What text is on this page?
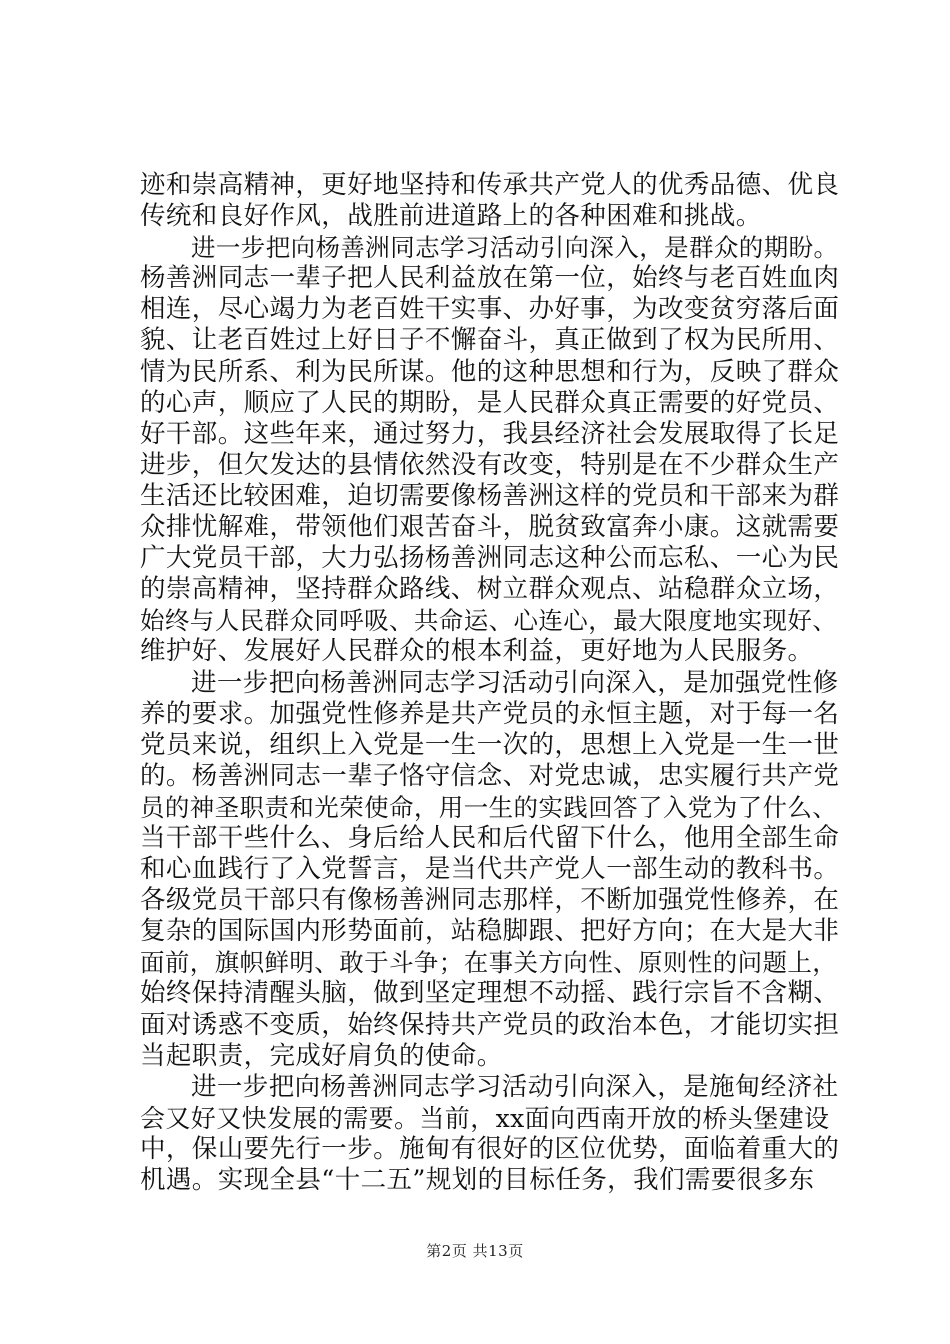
迹和崇高精神，更好地坚持和传承共产党人的优秀品德、优良
传统和良好作风，战胜前进道路上的各种困难和挑战。
进一步把向杨善洲同志学习活动引向深入，是群众的期盼。
杨善洲同志一辈子把人民利益放在第一位，始终与老百姓血肉
相连，尽心竭力为老百姓干实事、办好事，为改变贫穷落后面
貌、让老百姓过上好日子不懈奋斗，真正做到了权为民所用、
情为民所系、利为民所谋。他的这种思想和行为，反映了群众
的心声，顺应了人民的期盼，是人民群众真正需要的好党员、
好干部。这些年来，通过努力，我县经济社会发展取得了长足
进步，但欠发达的县情依然没有改变，特别是在不少群众生产
生活还比较困难，迫切需要像杨善洲这样的党员和干部来为群
众排忧解难，带领他们艰苦奋斗，脱贫致富奔小康。这就需要
广大党员干部，大力弘扬杨善洲同志这种公而忘私、一心为民
的崇高精神，坚持群众路线、树立群众观点、站稳群众立场，
始终与人民群众同呼吸、共命运、心连心，最大限度地实现好、
维护好、发展好人民群众的根本利益，更好地为人民服务。
进一步把向杨善洲同志学习活动引向深入，是加强党性修
养的要求。加强党性修养是共产党员的永恒主题，对于每一名
党员来说，组织上入党是一生一次的，思想上入党是一生一世
的。杨善洲同志一辈子恪守信念、对党忠诚，忠实履行共产党
员的神圣职责和光荣使命，用一生的实践回答了入党为了什么、
当干部干些什么、身后给人民和后代留下什么，他用全部生命
和心血践行了入党誓言，是当代共产党人一部生动的教科书。
各级党员干部只有像杨善洲同志那样，不断加强党性修养，在
复杂的国际国内形势面前，站稳脚跟、把好方向；在大是大非
面前，旗帜鲜明、敢于斗争；在事关方向性、原则性的问题上，
始终保持清醒头脑，做到坚定理想不动摇、践行宗旨不含糊、
面对诱惑不变质，始终保持共产党员的政治本色，才能切实担
当起职责，完成好肩负的使命。
进一步把向杨善洲同志学习活动引向深入，是施甸经济社
会又好又快发展的需要。当前，xx面向西南开放的桥头堡建设
中，保山要先行一步。施甸有很好的区位优势，面临着重大的
机遇。实现全县“十二五”规划的目标任务，我们需要很多东
第2页 共13页
